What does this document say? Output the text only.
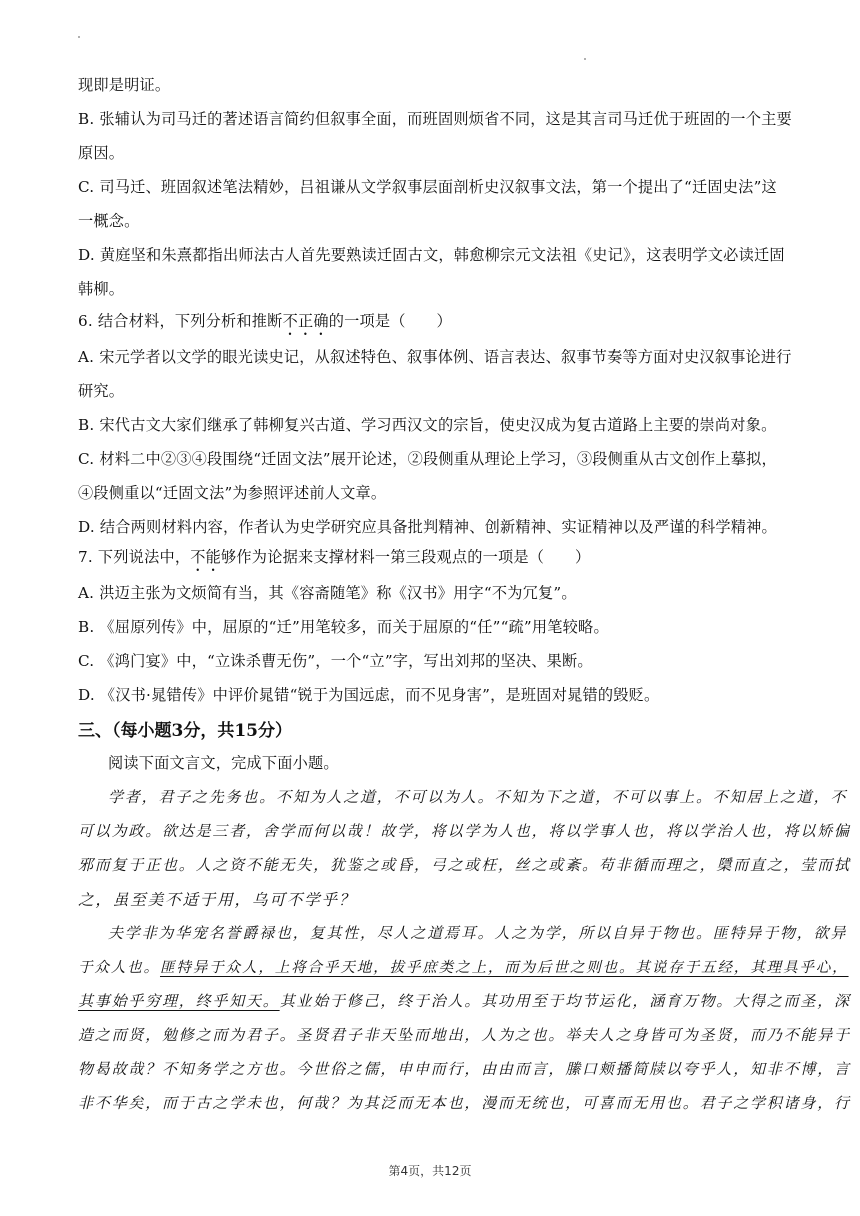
现即是明证。
B. 张辅认为司马迁的著述语言简约但叙事全面，而班固则烦省不同，这是其言司马迁优于班固的一个主要
原因。
C. 司马迁、班固叙述笔法精妙，吕祖谦从文学叙事层面剖析史汉叙事文法，第一个提出了“迁固史法”这
一概念。
D. 黄庭坚和朱熹都指出师法古人首先要熟读迁固古文，韩愈柳宗元文法祖《史记》，这表明学文必读迁固
韩柳。
6. 结合材料，下列分析和推断不正确的一项是（　　）
A. 宋元学者以文学的眼光读史记，从叙述特色、叙事体例、语言表达、叙事节奏等方面对史汉叙事论进行
研究。
B. 宋代古文大家们继承了韩柳复兴古道、学习西汉文的宗旨，使史汉成为复古道路上主要的崇尚对象。
C. 材料二中②③④段围绕“迁固文法”展开论述，②段侧重从理论上学习，③段侧重从古文创作上摹拟，
④段侧重以“迁固文法”为参照评述前人文章。
D. 结合两则材料内容，作者认为史学研究应具备批判精神、创新精神、实证精神以及严谨的科学精神。
7. 下列说法中，不能够作为论据来支撑材料一第三段观点的一项是（　　）
A. 洪迈主张为文烦简有当，其《容斋随笔》称《汉书》用字“不为冗复”。
B. 《屈原列传》中，屈原的“迁”用笔较多，而关于屈原的“任”“疏”用笔较略。
C. 《鸿门宴》中，“立诛杀曹无伤”，一个“立”字，写出刘邦的坚决、果断。
D. 《汉书·晁错传》中评价晁错“锐于为国远虑，而不见身害”，是班固对晁错的毁贬。
三、（每小题3分，共15分）
阅读下面文言文，完成下面小题。
学者，君子之先务也。不知为人之道，不可以为人。不知为下之道，不可以事上。不知居上之道，不
可以为政。欲达是三者，舍学而何以哉！故学，将以学为人也，将以学事人也，将以学治人也，将以矫偏
邪而复于正也。人之资不能无失，犹鉴之或昏，弓之或枉，丝之或紊。苟非循而理之，檃而直之，莹而拭
之，虽至美不适于用，乌可不学乎？
夫学非为华宠名誉爵禄也，复其性，尽人之道焉耳。人之为学，所以自异于物也。匪特异于物，欲异
于众人也。匪特异于众人，上将合乎天地，拔乎庶类之上，而为后世之则也。其说存于五经，其理具乎心，
其事始乎穷理，终乎知天。其业始于修己，终于治人。其功用至于均节运化，涵育万物。大得之而圣，深
造之而贤，勉修之而为君子。圣贤君子非天坠而地出，人为之也。举夫人之身皆可为圣贤，而乃不能异于
物曷故哉？不知务学之方也。今世俗之儒，申申而行，由由而言，縢口颊播简牍以夸乎人，知非不博，言
非不华矣，而于古之学未也，何哉？为其泛而无本也，漫而无统也，可喜而无用也。君子之学积诸身，行
第4页，共12页
